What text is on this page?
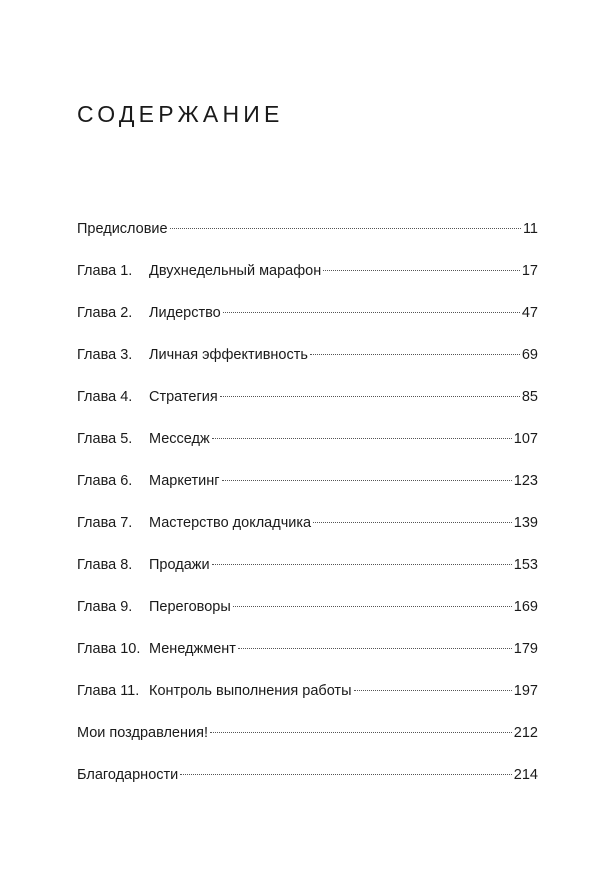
СОДЕРЖАНИЕ
Предисловие	11
Глава 1.	Двухнедельный марафон	17
Глава 2.	Лидерство	47
Глава 3.	Личная эффективность	69
Глава 4.	Стратегия	85
Глава 5.	Месседж	107
Глава 6.	Маркетинг	123
Глава 7.	Мастерство докладчика	139
Глава 8.	Продажи	153
Глава 9.	Переговоры	169
Глава 10. Менеджмент	179
Глава 11. Контроль выполнения работы	197
Мои поздравления!	212
Благодарности	214
